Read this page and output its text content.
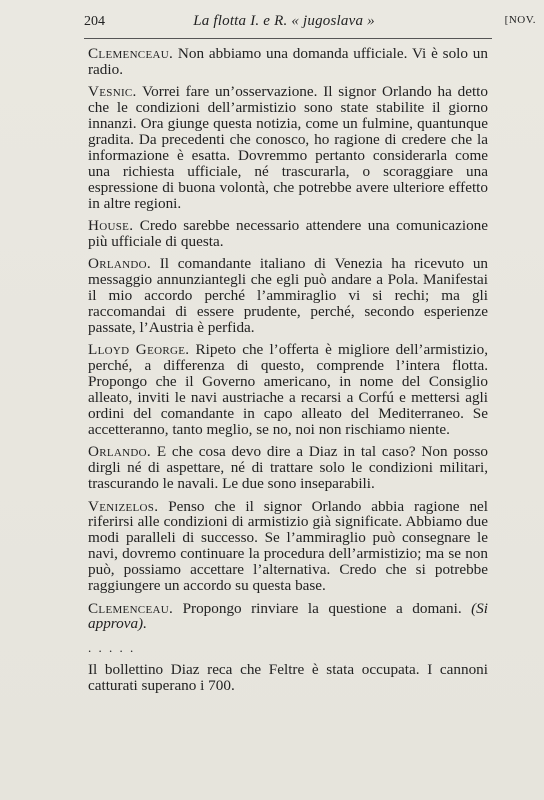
204	La flotta I. e R. « jugoslava »	[NOV.

Clemenceau. Non abbiamo una domanda ufficiale. Vi è solo un radio.

Vesnic. Vorrei fare un’osservazione. Il signor Orlando ha detto che le condizioni dell’armistizio sono state stabilite il giorno innanzi. Ora giunge questa notizia, come un fulmine, quantunque gradita. Da precedenti che conosco, ho ragione di credere che la informazione è esatta. Dovremmo pertanto considerarla come una richiesta ufficiale, né trascurarla, o scoraggiare una espressione di buona volontà, che potrebbe avere ulteriore effetto in altre regioni.

House. Credo sarebbe necessario attendere una comunicazione più ufficiale di questa.

Orlando. Il comandante italiano di Venezia ha ricevuto un messaggio annunziantegli che egli può andare a Pola. Manifestai il mio accordo perché l’ammiraglio vi si rechi; ma gli raccomandai di essere prudente, perché, secondo esperienze passate, l’Austria è perfida.

Lloyd George. Ripeto che l’offerta è migliore dell’armistizio, perché, a differenza di questo, comprende l’intera flotta. Propongo che il Governo americano, in nome del Consiglio alleato, inviti le navi austriache a recarsi a Corfú e mettersi agli ordini del comandante in capo alleato del Mediterraneo. Se accetteranno, tanto meglio, se no, noi non rischiamo niente.

Orlando. E che cosa devo dire a Diaz in tal caso? Non posso dirgli né di aspettare, né di trattare solo le condizioni militari, trascurando le navali. Le due sono inseparabili.

Venizelos. Penso che il signor Orlando abbia ragione nel riferirsi alle condizioni di armistizio già significate. Abbiamo due modi paralleli di successo. Se l’ammiraglio può consegnare le navi, dovremo continuare la procedura dell’armistizio; ma se non può, possiamo accettare l’alternativa. Credo che si potrebbe raggiungere un accordo su questa base.

Clemenceau. Propongo rinviare la questione a domani. (Si approva).

. . . . .

Il bollettino Diaz reca che Feltre è stata occupata. I cannoni catturati superano i 700.
